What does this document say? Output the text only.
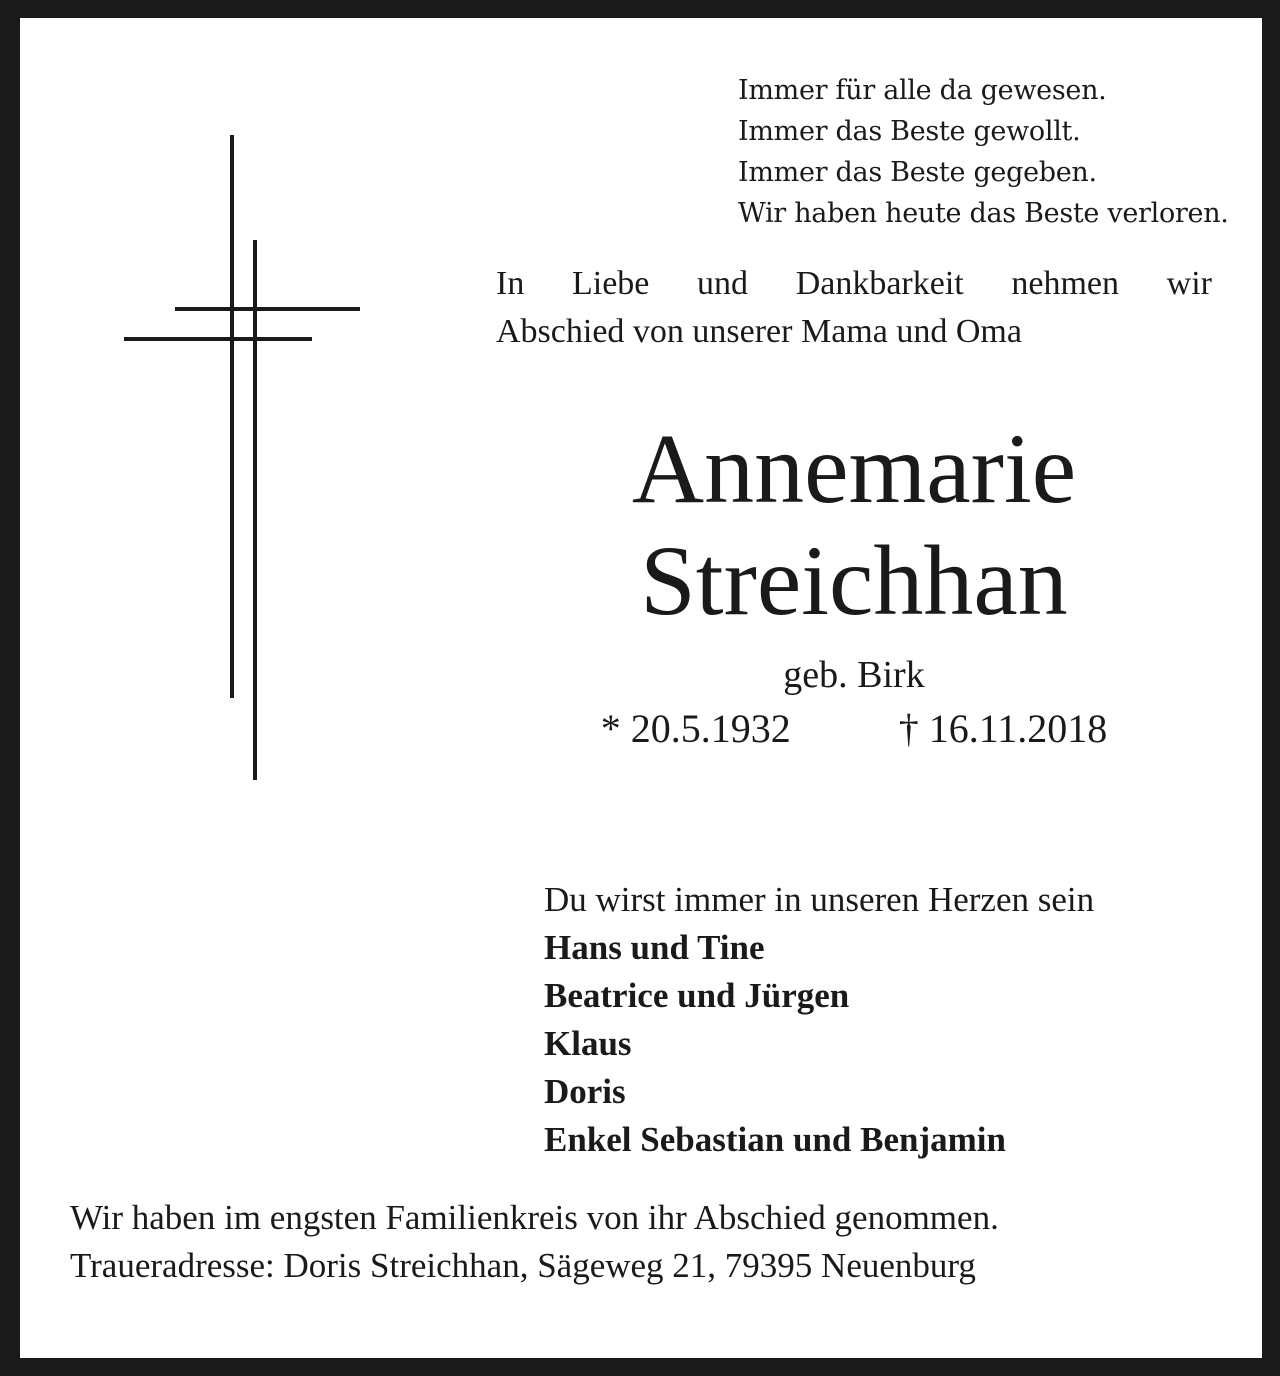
Immer für alle da gewesen.
Immer das Beste gewollt.
Immer das Beste gegeben.
Wir haben heute das Beste verloren.
In Liebe und Dankbarkeit nehmen wir
Abschied von unserer Mama und Oma
Annemarie
Streichhan
geb. Birk
* 20.5.1932	† 16.11.2018
Du wirst immer in unseren Herzen sein
Hans und Tine
Beatrice und Jürgen
Klaus
Doris
Enkel Sebastian und Benjamin
Wir haben im engsten Familienkreis von ihr Abschied genommen.
Traueradresse: Doris Streichhan, Sägeweg 21, 79395 Neuenburg
